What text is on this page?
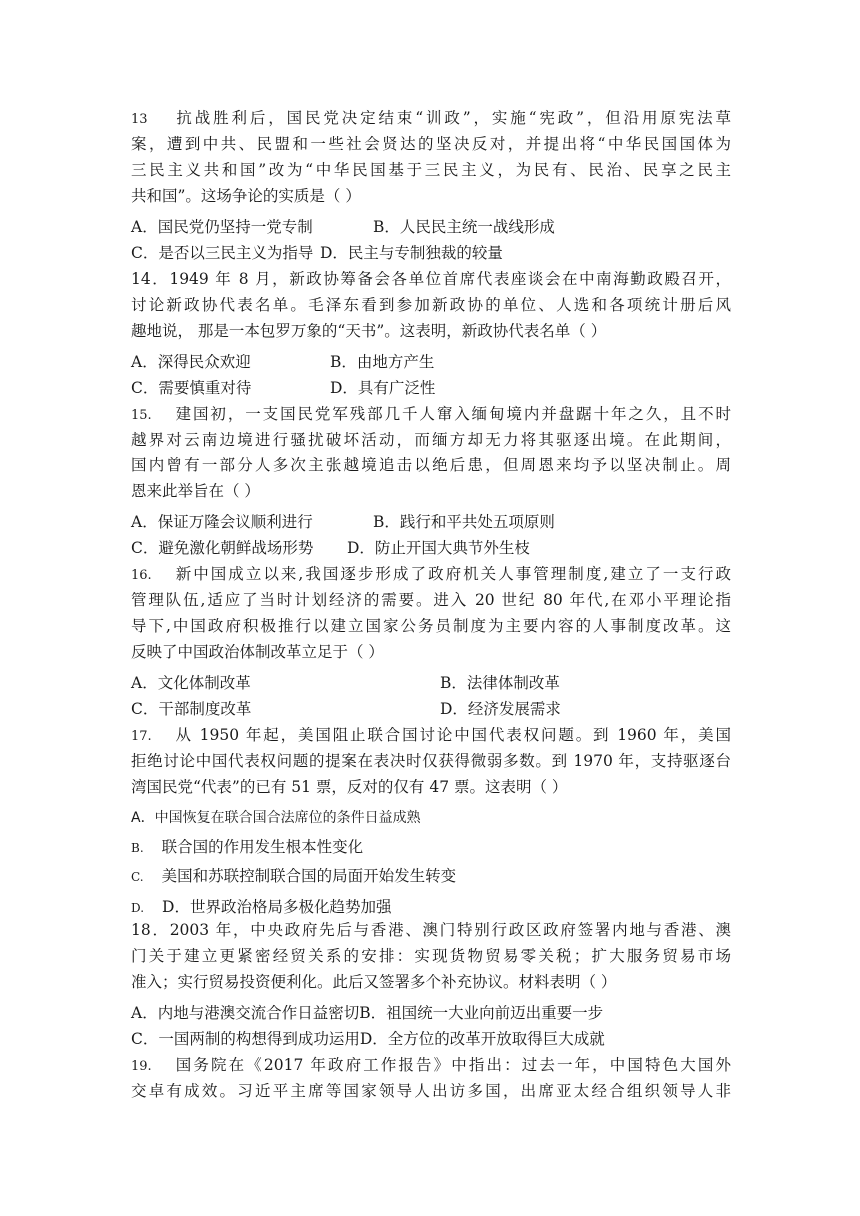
13 抗战胜利后，国民党决定结束“训政”，实施“宪政”，但沿用原宪法草
案，遭到中共、民盟和一些社会贤达的坚决反对，并提出将“中华民国国体为
三民主义共和国”改为“中华民国基于三民主义，为民有、民治、民享之民主
共和国”。这场争论的实质是（ ）
A．国民党仍坚持一党专制	B．人民民主统一战线形成
C．是否以三民主义为指导 D．民主与专制独裁的较量
14．1949 年 8 月，新政协筹备会各单位首席代表座谈会在中南海勤政殿召开，
讨论新政协代表名单。毛泽东看到参加新政协的单位、人选和各项统计册后风
趣地说， 那是一本包罗万象的“天书”。这表明，新政协代表名单（ ）
A．深得民众欢迎	B．由地方产生
C．需要慎重对待	D．具有广泛性
15. 建国初，一支国民党军残部几千人窜入缅甸境内并盘踞十年之久，且不时
越界对云南边境进行骚扰破坏活动，而缅方却无力将其驱逐出境。在此期间，
国内曾有一部分人多次主张越境追击以绝后患，但周恩来均予以坚决制止。周
恩来此举旨在（ ）
A．保证万隆会议顺利进行	B．践行和平共处五项原则
C．避免激化朝鲜战场形势 D．防止开国大典节外生枝
16. 新中国成立以来,我国逐步形成了政府机关人事管理制度,建立了一支行政
管理队伍,适应了当时计划经济的需要。进入 20 世纪 80 年代,在邓小平理论指
导下,中国政府积极推行以建立国家公务员制度为主要内容的人事制度改革。这
反映了中国政治体制改革立足于（ ）
A．文化体制改革	B．法律体制改革
C．干部制度改革	D．经济发展需求
17. 从 1950 年起，美国阻止联合国讨论中国代表权问题。到 1960 年，美国
拒绝讨论中国代表权问题的提案在表决时仅获得微弱多数。到 1970 年，支持驱逐台
湾国民党“代表”的已有 51 票，反对的仅有 47 票。这表明（ ）
A．中国恢复在联合国合法席位的条件日益成熟
B. 联合国的作用发生根本性变化
C. 美国和苏联控制联合国的局面开始发生转变
D. D．世界政治格局多极化趋势加强
18．2003 年，中央政府先后与香港、澳门特别行政区政府签署内地与香港、澳
门关于建立更紧密经贸关系的安排：实现货物贸易零关税；扩大服务贸易市场
准入；实行贸易投资便利化。此后又签署多个补充协议。材料表明（ ）
A．内地与港澳交流合作日益密切B．祖国统一大业向前迈出重要一步
C．一国两制的构想得到成功运用D．全方位的改革开放取得巨大成就
19. 国务院在《2017 年政府工作报告》中指出：过去一年，中国特色大国外
交卓有成效。习近平主席等国家领导人出访多国，出席亚太经合组织领导人非
